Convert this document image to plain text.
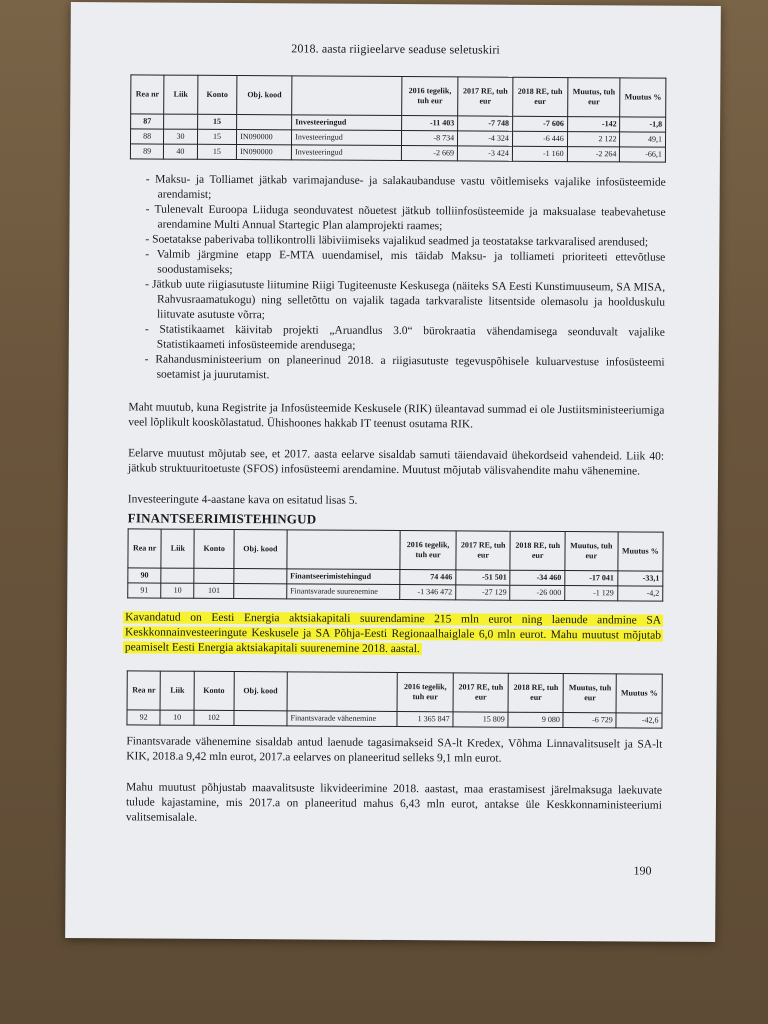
2018. aasta riigieelarve seaduse seletuskiri
Rea nr	Liik	Konto	Obj. kood		2016 tegelik, tuh eur	2017 RE, tuh eur	2018 RE, tuh eur	Muutus, tuh eur	Muutus %
87		15		Investeeringud	-11 403	-7 748	-7 606	-142	-1,8
88	30	15	IN090000	Investeeringud	-8 734	-4 324	-6 446	2 122	49,1
89	40	15	IN090000	Investeeringud	-2 669	-3 424	-1 160	-2 264	-66,1
- Maksu- ja Tolliamet jätkab varimajanduse- ja salakaubanduse vastu võitlemiseks vajalike infosüsteemide arendamist;
- Tulenevalt Euroopa Liiduga seonduvatest nõuetest jätkub tolliinfosüsteemide ja maksualase teabevahetuse arendamine Multi Annual Startegic Plan alamprojekti raames;
- Soetatakse paberivaba tollikontrolli läbiviimiseks vajalikud seadmed ja teostatakse tarkvaralised arendused;
- Valmib järgmine etapp E-MTA uuendamisel, mis täidab Maksu- ja tolliameti prioriteeti ettevõtluse soodustamiseks;
- Jätkub uute riigiasutuste liitumine Riigi Tugiteenuste Keskusega (näiteks SA Eesti Kunstimuuseum, SA MISA, Rahvusraamatukogu) ning selletõttu on vajalik tagada tarkvaraliste litsentside olemasolu ja hoolduskulu liituvate asutuste võrra;
- Statistikaamet käivitab projekti „Aruandlus 3.0“ bürokraatia vähendamisega seonduvalt vajalike Statistikaameti infosüsteemide arendusega;
- Rahandusministeerium on planeerinud 2018. a riigiasutuste tegevuspõhisele kuluarvestuse infosüsteemi soetamist ja juurutamist.

Maht muutub, kuna Registrite ja Infosüsteemide Keskusele (RIK) üleantavad summad ei ole Justiitsministeeriumiga veel lõplikult kooskõlastatud. Ühishoones hakkab IT teenust osutama RIK.

Eelarve muutust mõjutab see, et 2017. aasta eelarve sisaldab samuti täiendavaid ühekordseid vahendeid. Liik 40: jätkub struktuuritoetuste (SFOS) infosüsteemi arendamine. Muutust mõjutab välisvahendite mahu vähenemine.

Investeeringute 4-aastane kava on esitatud lisas 5.

FINANTSEERIMISTEHINGUD
Rea nr	Liik	Konto	Obj. kood		2016 tegelik, tuh eur	2017 RE, tuh eur	2018 RE, tuh eur	Muutus, tuh eur	Muutus %
90				Finantseerimistehingud	74 446	-51 501	-34 460	-17 041	-33,1
91	10	101		Finantsvarade suurenemine	-1 346 472	-27 129	-26 000	-1 129	-4,2

Kavandatud on Eesti Energia aktsiakapitali suurendamine 215 mln eurot ning laenude andmine SA Keskkonnainvesteeringute Keskusele ja SA Põhja-Eesti Regionaalhaiglale 6,0 mln eurot. Mahu muutust mõjutab peamiselt Eesti Energia aktsiakapitali suurenemine 2018. aastal.

Rea nr	Liik	Konto	Obj. kood		2016 tegelik, tuh eur	2017 RE, tuh eur	2018 RE, tuh eur	Muutus, tuh eur	Muutus %
92	10	102		Finantsvarade vähenemine	1 365 847	15 809	9 080	-6 729	-42,6

Finantsvarade vähenemine sisaldab antud laenude tagasimakseid SA-lt Kredex, Võhma Linnavalitsuselt ja SA-lt KIK, 2018.a 9,42 mln eurot, 2017.a eelarves on planeeritud selleks 9,1 mln eurot.

Mahu muutust põhjustab maavalitsuste likvideerimine 2018. aastast, maa erastamisest järelmaksuga laekuvate tulude kajastamine, mis 2017.a on planeeritud mahus 6,43 mln eurot, antakse üle Keskkonnaministeeriumi valitsemisalale.

190
